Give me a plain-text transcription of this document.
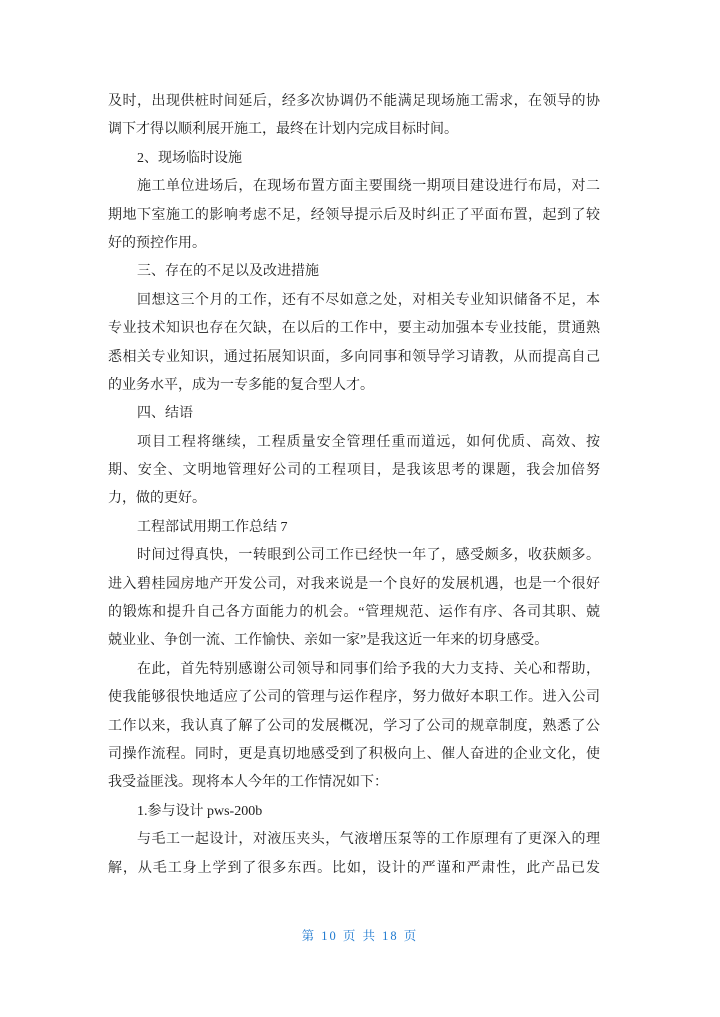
及时，出现供桩时间延后，经多次协调仍不能满足现场施工需求，在领导的协
调下才得以顺利展开施工，最终在计划内完成目标时间。
2、现场临时设施
施工单位进场后，在现场布置方面主要围绕一期项目建设进行布局，对二
期地下室施工的影响考虑不足，经领导提示后及时纠正了平面布置，起到了较
好的预控作用。
三、存在的不足以及改进措施
回想这三个月的工作，还有不尽如意之处，对相关专业知识储备不足，本
专业技术知识也存在欠缺，在以后的工作中，要主动加强本专业技能，贯通熟
悉相关专业知识，通过拓展知识面，多向同事和领导学习请教，从而提高自己
的业务水平，成为一专多能的复合型人才。
四、结语
项目工程将继续，工程质量安全管理任重而道远，如何优质、高效、按
期、安全、文明地管理好公司的工程项目，是我该思考的课题，我会加倍努
力，做的更好。
工程部试用期工作总结 7
时间过得真快，一转眼到公司工作已经快一年了，感受颇多，收获颇多。
进入碧桂园房地产开发公司，对我来说是一个良好的发展机遇，也是一个很好
的锻炼和提升自己各方面能力的机会。“管理规范、运作有序、各司其职、兢
兢业业、争创一流、工作愉快、亲如一家”是我这近一年来的切身感受。
在此，首先特别感谢公司领导和同事们给予我的大力支持、关心和帮助，
使我能够很快地适应了公司的管理与运作程序，努力做好本职工作。进入公司
工作以来，我认真了解了公司的发展概况，学习了公司的规章制度，熟悉了公
司操作流程。同时，更是真切地感受到了积极向上、催人奋进的企业文化，使
我受益匪浅。现将本人今年的工作情况如下：
1.参与设计 pws-200b
与毛工一起设计，对液压夹头，气液增压泵等的工作原理有了更深入的理
解，从毛工身上学到了很多东西。比如，设计的严谨和严肃性，此产品已发
第 10 页 共 18 页
